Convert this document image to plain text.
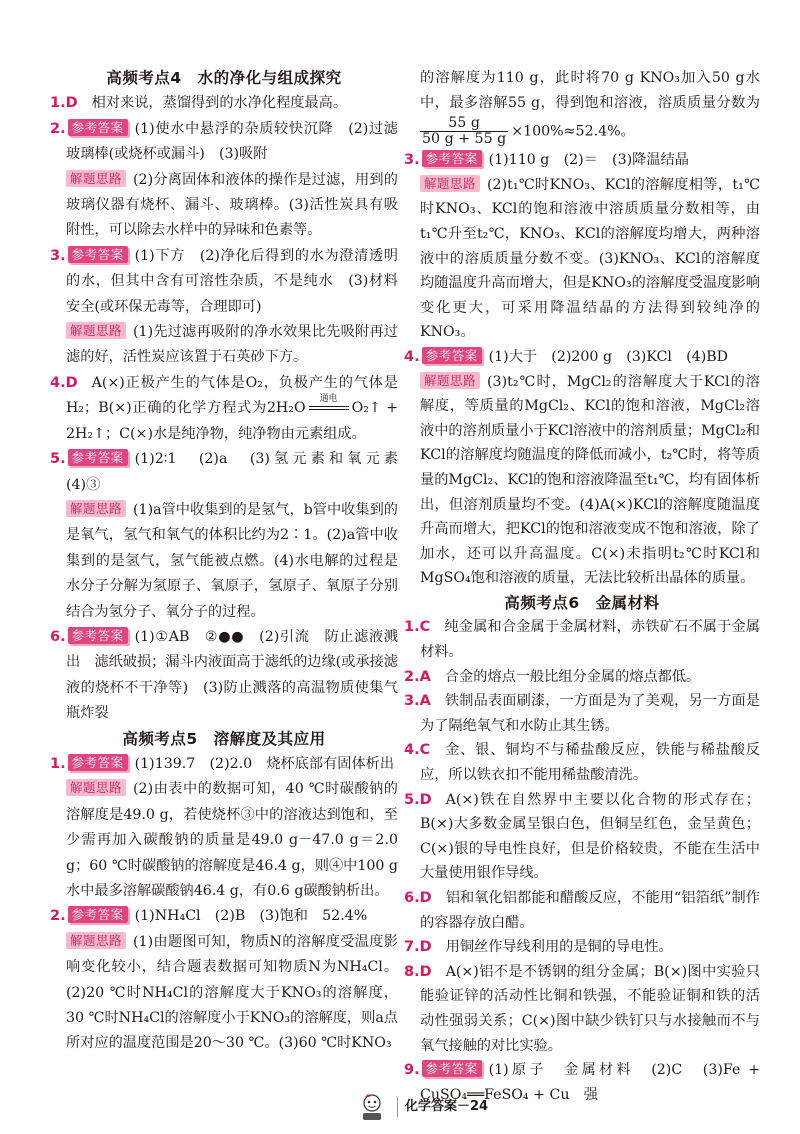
高频考点4　水的净化与组成探究

1.D 相对来说，蒸馏得到的水净化程度最高。

2. 参考答案 (1)使水中悬浮的杂质较快沉降　(2)过滤　玻璃棒(或烧杯或漏斗)　(3)吸附

解题思路 (2)分离固体和液体的操作是过滤，用到的玻璃仪器有烧杯、漏斗、玻璃棒。(3)活性炭具有吸附性，可以除去水样中的异味和色素等。

3. 参考答案 (1)下方　(2)净化后得到的水为澄清透明的水，但其中含有可溶性杂质，不是纯水　(3)材料安全(或环保无毒等，合理即可)

解题思路 (1)先过滤再吸附的净水效果比先吸附再过滤的好，活性炭应该置于石英砂下方。

4.D A(×)正极产生的气体是O₂，负极产生的气体是H₂；B(×)正确的化学方程式为2H₂O
通电
O₂↑ + 2H₂↑；C(×)水是纯净物，纯净物由元素组成。

5. 参考答案 (1)2∶1　(2)a　(3)氢元素和氧元素　(4)③

解题思路 (1)a管中收集到的是氢气，b管中收集到的是氧气，氢气和氧气的体积比约为2∶1。(2)a管中收集到的是氢气，氢气能被点燃。(4)水电解的过程是水分子分解为氢原子、氧原子，氢原子、氧原子分别结合为氢分子、氧分子的过程。

6. 参考答案 (1)①AB　②●●　(2)引流　防止滤液溅出　滤纸破损；漏斗内液面高于滤纸的边缘(或承接滤液的烧杯不干净等)　(3)防止溅落的高温物质使集气瓶炸裂

高频考点5　溶解度及其应用

1. 参考答案 (1)139.7　(2)2.0　烧杯底部有固体析出

解题思路 (2)由表中的数据可知，40 ℃时碳酸钠的溶解度是49.0 g，若使烧杯③中的溶液达到饱和，至少需再加入碳酸钠的质量是49.0 g－47.0 g＝2.0 g；60 ℃时碳酸钠的溶解度是46.4 g，则④中100 g水中最多溶解碳酸钠46.4 g，有0.6 g碳酸钠析出。

2. 参考答案 (1)NH₄Cl　(2)B　(3)饱和　52.4%

解题思路 (1)由题图可知，物质N的溶解度受温度影响变化较小，结合题表数据可知物质N为NH₄Cl。(2)20 ℃时NH₄Cl的溶解度大于KNO₃的溶解度，30 ℃时NH₄Cl的溶解度小于KNO₃的溶解度，则a点所对应的温度范围是20～30 ℃。(3)60 ℃时KNO₃

的溶解度为110 g，此时将70 g KNO₃加入50 g水中，最多溶解55 g，得到饱和溶液，溶质质量分数为
$\frac{55 g}{50 g + 55 g} \times 100\%\approx 52.4\%$。

3. 参考答案 (1)110 g　(2)＝　(3)降温结晶

解题思路 (2)t₁℃时KNO₃、KCl的溶解度相等，t₁℃时KNO₃、KCl的饱和溶液中溶质质量分数相等，由t₁℃升至t₂℃，KNO₃、KCl的溶解度均增大，两种溶液中的溶质质量分数不变。(3)KNO₃、KCl的溶解度均随温度升高而增大，但是KNO₃的溶解度受温度影响变化更大，可采用降温结晶的方法得到较纯净的KNO₃。

4. 参考答案 (1)大于　(2)200 g　(3)KCl　(4)BD

解题思路 (3)t₂℃时，MgCl₂的溶解度大于KCl的溶解度，等质量的MgCl₂、KCl的饱和溶液，MgCl₂溶液中的溶剂质量小于KCl溶液中的溶剂质量；MgCl₂和KCl的溶解度均随温度的降低而减小，t₂℃时，将等质量的MgCl₂、KCl的饱和溶液降温至t₁℃，均有固体析出，但溶剂质量均不变。(4)A(×)KCl的溶解度随温度升高而增大，把KCl的饱和溶液变成不饱和溶液，除了加水，还可以升高温度。C(×)未指明t₂℃时KCl和MgSO₄饱和溶液的质量，无法比较析出晶体的质量。

高频考点6　金属材料

1.C 纯金属和合金属于金属材料，赤铁矿石不属于金属材料。

2.A 合金的熔点一般比组分金属的熔点都低。

3.A 铁制品表面刷漆，一方面是为了美观，另一方面是为了隔绝氧气和水防止其生锈。

4.C 金、银、铜均不与稀盐酸反应，铁能与稀盐酸反应，所以铁衣扣不能用稀盐酸清洗。

5.D A(×)铁在自然界中主要以化合物的形式存在；B(×)大多数金属呈银白色，但铜呈红色，金呈黄色；C(×)银的导电性良好，但是价格较贵，不能在生活中大量使用银作导线。

6.D 铝和氧化铝都能和醋酸反应，不能用“铝箔纸”制作的容器存放白醋。

7.D 用铜丝作导线利用的是铜的导电性。

8.D A(×)铝不是不锈钢的组分金属；B(×)图中实验只能验证锌的活动性比铜和铁强，不能验证铜和铁的活动性强弱关系；C(×)图中缺少铁钉只与水接触而不与氧气接触的对比实验。

9. 参考答案 (1)原子　金属材料　(2)C　(3)Fe + CuSO₄══FeSO₄ + Cu　强

化学答案－24
